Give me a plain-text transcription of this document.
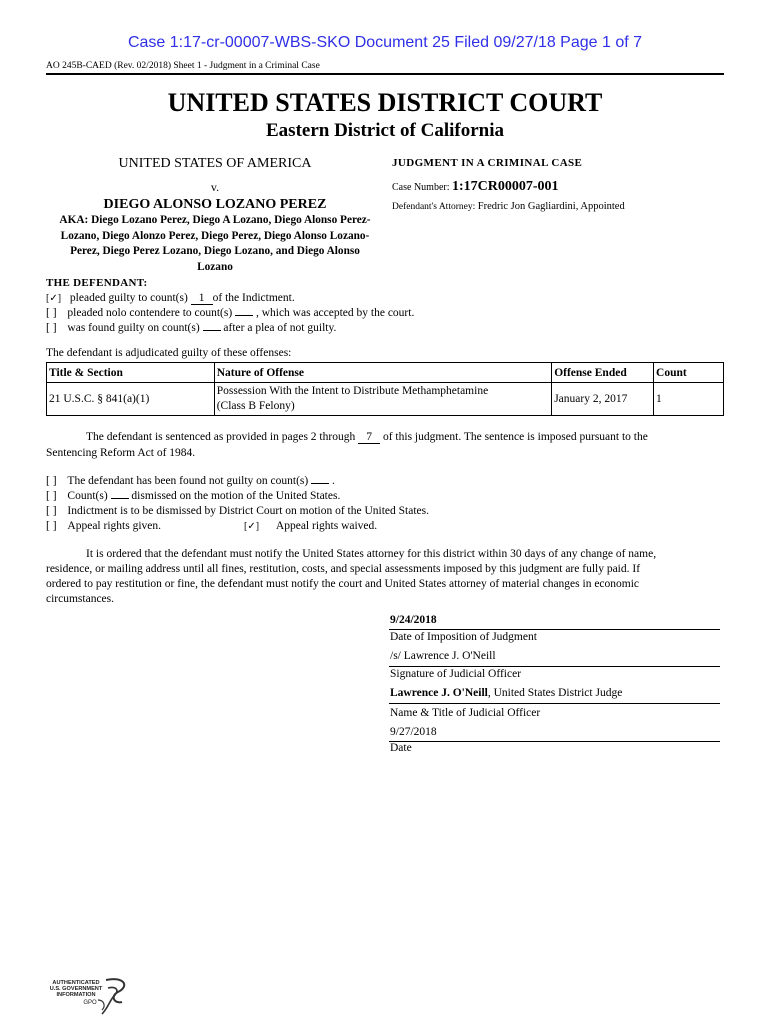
Case 1:17-cr-00007-WBS-SKO Document 25 Filed 09/27/18 Page 1 of 7
AO 245B-CAED (Rev. 02/2018) Sheet 1 - Judgment in a Criminal Case
UNITED STATES DISTRICT COURT
Eastern District of California
UNITED STATES OF AMERICA
v.
DIEGO ALONSO LOZANO PEREZ
AKA: Diego Lozano Perez, Diego A Lozano, Diego Alonso Perez-Lozano, Diego Alonzo Perez, Diego Perez, Diego Alonso Lozano-Perez, Diego Perez Lozano, Diego Lozano, and Diego Alonso Lozano
JUDGMENT IN A CRIMINAL CASE
Case Number: 1:17CR00007-001
Defendant's Attorney: Fredric Jon Gagliardini, Appointed
THE DEFENDANT:
[✓] pleaded guilty to count(s) 1 of the Indictment.
[ ] pleaded nolo contendere to count(s) , which was accepted by the court.
[ ] was found guilty on count(s) after a plea of not guilty.
The defendant is adjudicated guilty of these offenses:
Title & Section	Nature of Offense	Offense Ended	Count
21 U.S.C. § 841(a)(1)	Possession With the Intent to Distribute Methamphetamine
(Class B Felony)	January 2, 2017	1
The defendant is sentenced as provided in pages 2 through 7 of this judgment. The sentence is imposed pursuant to the
Sentencing Reform Act of 1984.
[ ] The defendant has been found not guilty on count(s) .
[ ] Count(s) dismissed on the motion of the United States.
[ ] Indictment is to be dismissed by District Court on motion of the United States.
[ ] Appeal rights given.	[✓] Appeal rights waived.
It is ordered that the defendant must notify the United States attorney for this district within 30 days of any change of name,
residence, or mailing address until all fines, restitution, costs, and special assessments imposed by this judgment are fully paid. If
ordered to pay restitution or fine, the defendant must notify the court and United States attorney of material changes in economic
circumstances.
9/24/2018
Date of Imposition of Judgment
/s/ Lawrence J. O'Neill
Signature of Judicial Officer
Lawrence J. O'Neill, United States District Judge
Name & Title of Judicial Officer
9/27/2018
Date
AUTHENTICATED
U.S. GOVERNMENT
INFORMATION
GPO
